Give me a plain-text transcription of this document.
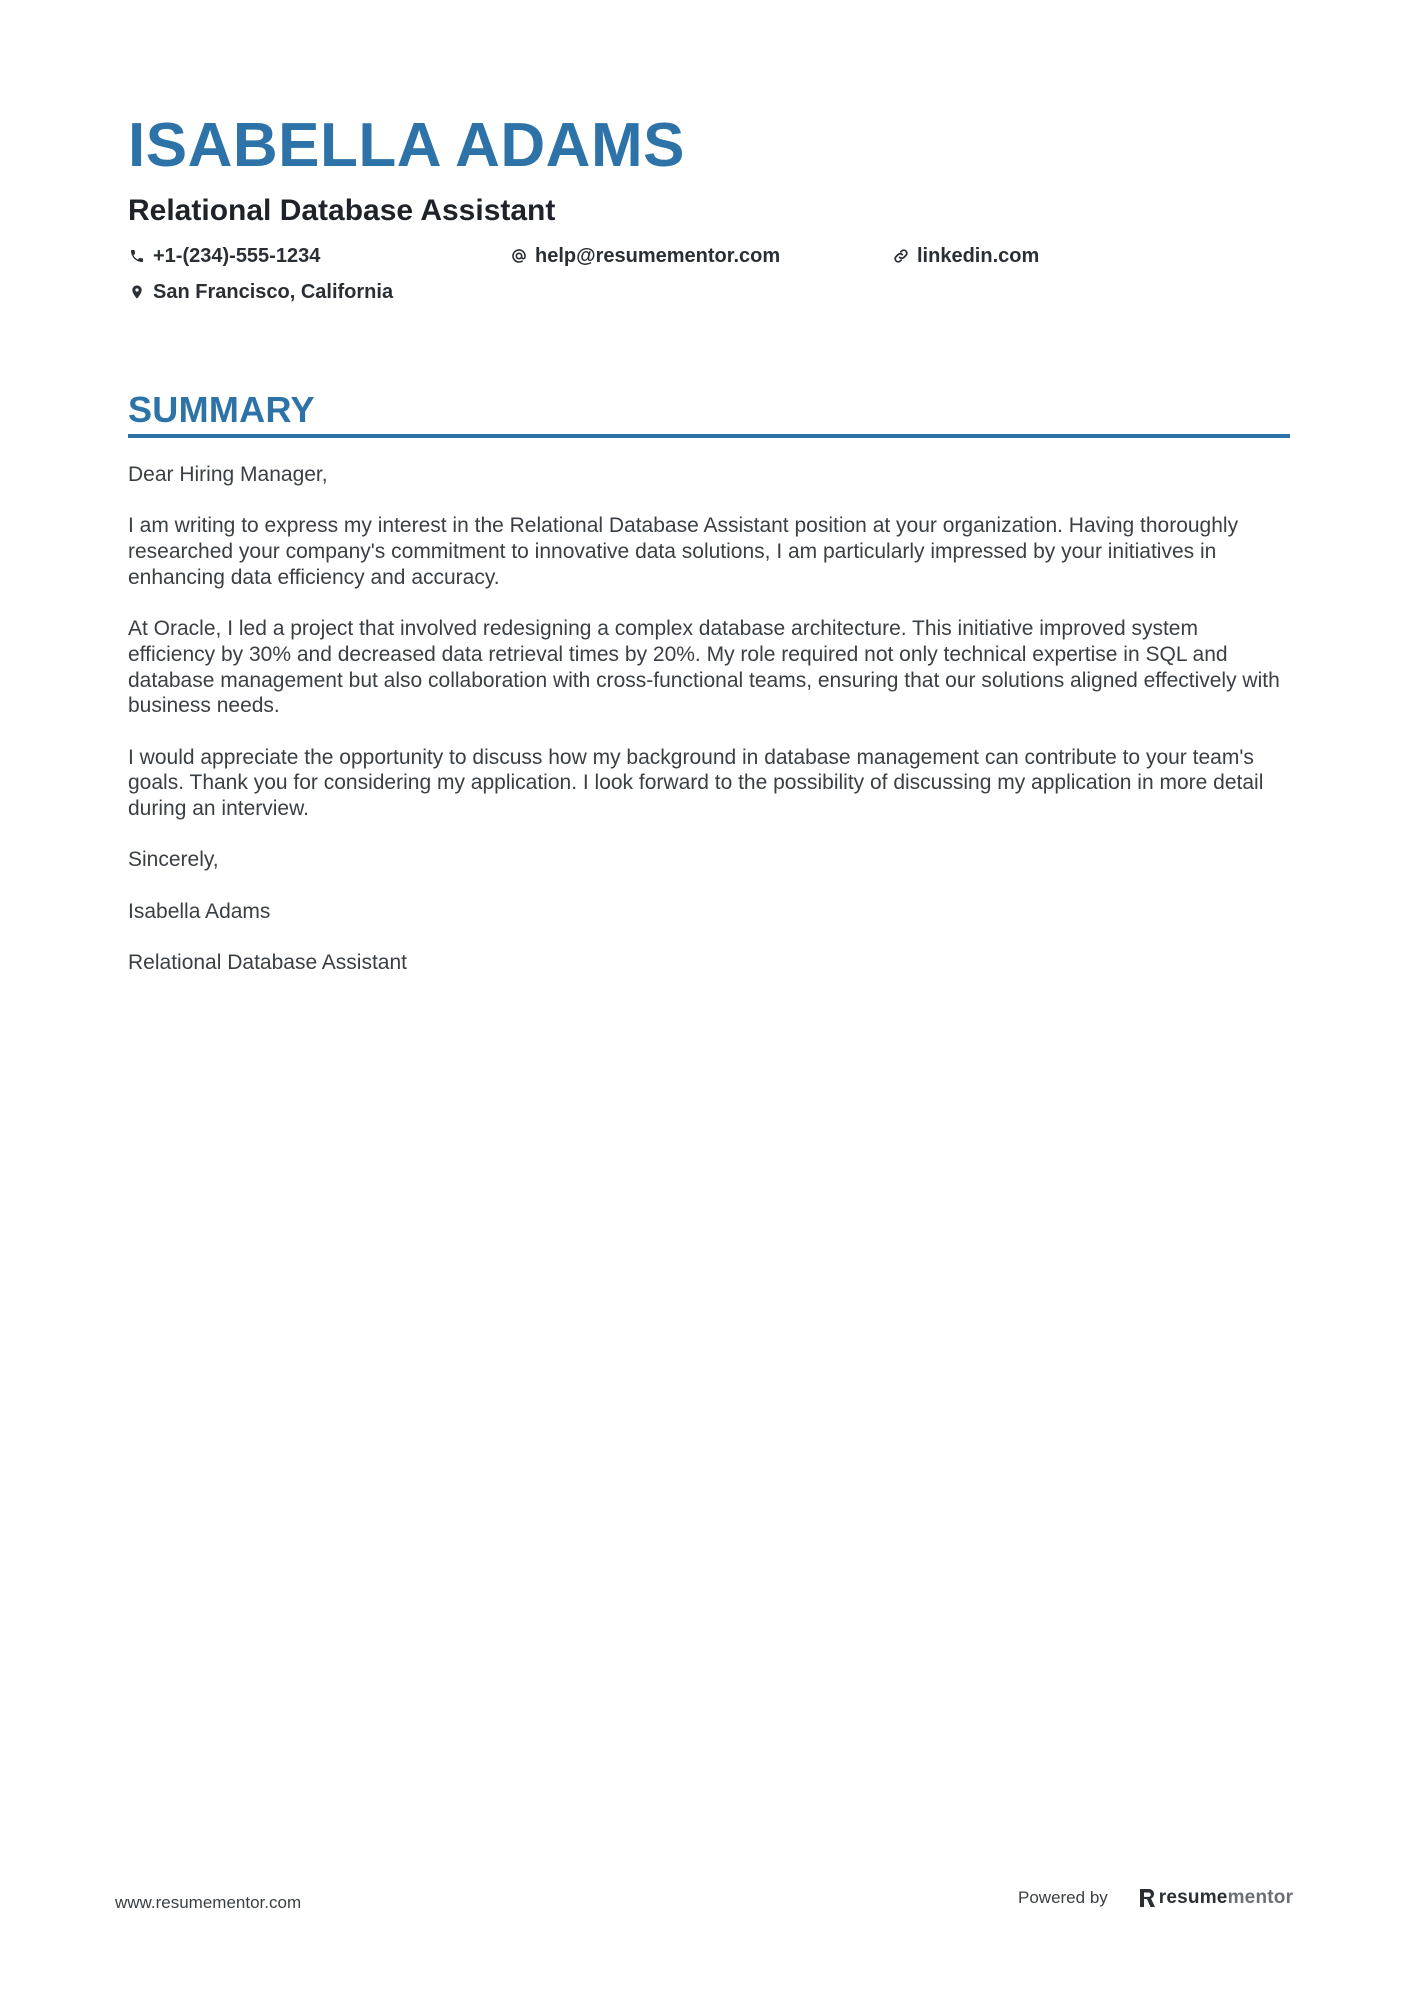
ISABELLA ADAMS
Relational Database Assistant
+1-(234)-555-1234	help@resumementor.com	linkedin.com
San Francisco, California
SUMMARY

Dear Hiring Manager,

I am writing to express my interest in the Relational Database Assistant position at your organization. Having thoroughly researched your company's commitment to innovative data solutions, I am particularly impressed by your initiatives in enhancing data efficiency and accuracy.

At Oracle, I led a project that involved redesigning a complex database architecture. This initiative improved system efficiency by 30% and decreased data retrieval times by 20%. My role required not only technical expertise in SQL and database management but also collaboration with cross-functional teams, ensuring that our solutions aligned effectively with business needs.

I would appreciate the opportunity to discuss how my background in database management can contribute to your team's goals. Thank you for considering my application. I look forward to the possibility of discussing my application in more detail during an interview.

Sincerely,

Isabella Adams

Relational Database Assistant

www.resumementor.com	Powered by	resume mentor
